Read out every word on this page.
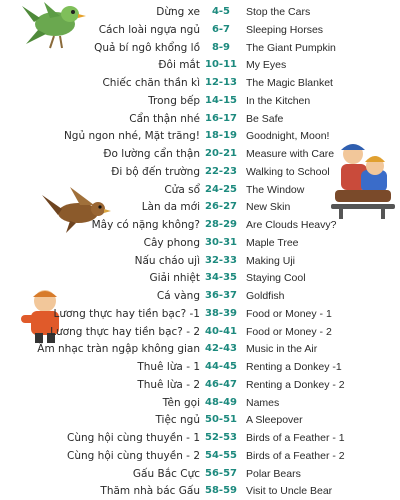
Dừng xe	4-5	Stop the Cars
Cách loài ngựa ngủ	6-7	Sleeping Horses
Quả bí ngô khổng lồ	8-9	The Giant Pumpkin
Đôi mắt 10-11 My Eyes
Chiếc chăn thần kì 12-13 The Magic Blanket
Trong bếp 14-15 In the Kitchen
Cẩn thận nhé 16-17 Be Safe
Ngủ ngon nhé, Mặt trăng! 18-19 Goodnight, Moon!
Đo lường cẩn thận 20-21 Measure with Care
Đi bộ đến trường 22-23 Walking to School
Cửa sổ 24-25 The Window
Làn da mới 26-27 New Skin
Mây có nặng không? 28-29 Are Clouds Heavy?
Cây phong 30-31 Maple Tree
Nấu cháo ujì 32-33 Making Uji
Giải nhiệt 34-35 Staying Cool
Cá vàng 36-37 Goldfish
Lương thực hay tiền bạc? -1 38-39 Food or Money - 1
Lương thực hay tiền bạc? - 2 40-41 Food or Money - 2
Âm nhạc tràn ngập không gian 42-43 Music in the Air
Thuê lừa - 1 44-45 Renting a Donkey -1
Thuê lừa - 2 46-47 Renting a Donkey - 2
Tên gọi 48-49 Names
Tiệc ngủ 50-51 A Sleepover
Cùng hội cùng thuyền - 1 52-53 Birds of a Feather - 1
Cùng hội cùng thuyền - 2 54-55 Birds of a Feather - 2
Gấu Bắc Cực 56-57 Polar Bears
Thăm nhà bác Gấu 58-59 Visit to Uncle Bear
